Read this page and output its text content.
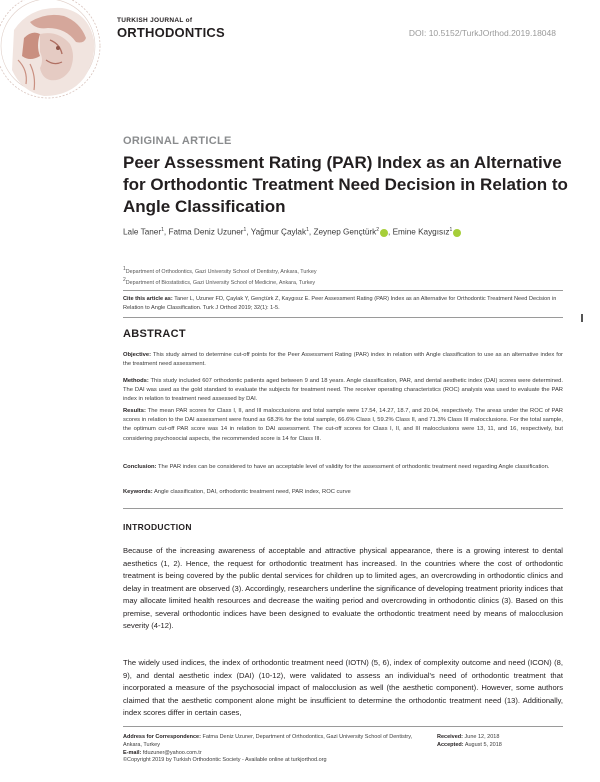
TURKISH JOURNAL of
ORTHODONTICS	DOI: 10.5152/TurkJOrthod.2019.18048
ORIGINAL ARTICLE
Peer Assessment Rating (PAR) Index as an Alternative for Orthodontic Treatment Need Decision in Relation to Angle Classification
Lale Taner$^1$, Fatma Deniz Uzuner$^1$, Yağmur Çaylak$^1$, Zeynep Gençtürk$^2$ , Emine Kaygısız$^1$
1Department of Orthodontics, Gazi University School of Dentistry, Ankara, Turkey
2Department of Biostatistics, Gazi University School of Medicine, Ankara, Turkey
Cite this article as: Taner L, Uzuner FD, Çaylak Y, Gençtürk Z, Kaygısız E. Peer Assessment Rating (PAR) Index as an Alternative for Orthodontic Treatment Need Decision in Relation to Angle Classification. Turk J Orthod 2019; 32(1): 1-5.
ABSTRACT

Objective: This study aimed to determine cut-off points for the Peer Assessment Rating (PAR) index in relation with Angle classification to use as an alternative index for the treatment need assessment.

Methods: This study included 607 orthodontic patients aged between 9 and 18 years. Angle classification, PAR, and dental aesthetic index (DAI) scores were determined. The DAI was used as the gold standard to evaluate the subjects for treatment need. The receiver operating characteristics (ROC) analysis was used to evaluate the PAR index in relation to treatment need assessed by DAI.

Results: The mean PAR scores for Class I, II, and III malocclusions and total sample were 17.54, 14.27, 18.7, and 20.04, respectively. The areas under the ROC of PAR scores in relation to the DAI assessment were found as 68.3% for the total sample, 66.6% Class I, 59.2% Class II, and 71.3% Class III malocclusions. For the total sample, the optimum cut-off PAR score was 14 in relation to DAI assessment. The cut-off scores for Class I, II, and III malocclusions were 13, 11, and 16, respectively, but considering psychosocial aspects, the recommended score is 14 for Class III.

Conclusion: The PAR index can be considered to have an acceptable level of validity for the assessment of orthodontic treatment need regarding Angle classification.

Keywords: Angle classification, DAI, orthodontic treatment need, PAR index, ROC curve

INTRODUCTION

Because of the increasing awareness of acceptable and attractive physical appearance, there is a growing interest to dental aesthetics (1, 2). Hence, the request for orthodontic treatment has increased. In the countries where the cost of orthodontic treatment is being covered by the public dental services for children up to limited ages, an overcrowding in orthodontic clinics and delay in treatment are observed (3). Accordingly, researchers underline the significance of developing treatment priority indices that may allocate limited health resources and decrease the waiting period and overcrowding in orthodontic clinics (3). Based on this premise, several orthodontic indices have been designed to evaluate the orthodontic treatment need by means of malocclusion severity (4-12).

The widely used indices, the index of orthodontic treatment need (IOTN) (5, 6), index of complexity outcome and need (ICON) (8, 9), and dental aesthetic index (DAI) (10-12), were validated to assess an individual's need of orthodontic treatment that incorporated a measure of the psychosocial impact of malocclusion as well (the aesthetic component). However, some authors claimed that the aesthetic component alone might be insufficient to determine the orthodontic treatment need (13). Additionally, index scores differ in certain cases,

Address for Correspondence: Fatma Deniz Uzuner, Department of Orthodontics, Gazi University School of Dentistry, Ankara, Turkey
E-mail: fduzuner@yahoo.com.tr
Received: June 12, 2018
Accepted: August 5, 2018
©Copyright 2019 by Turkish Orthodontic Society - Available online at turkjorthod.org
